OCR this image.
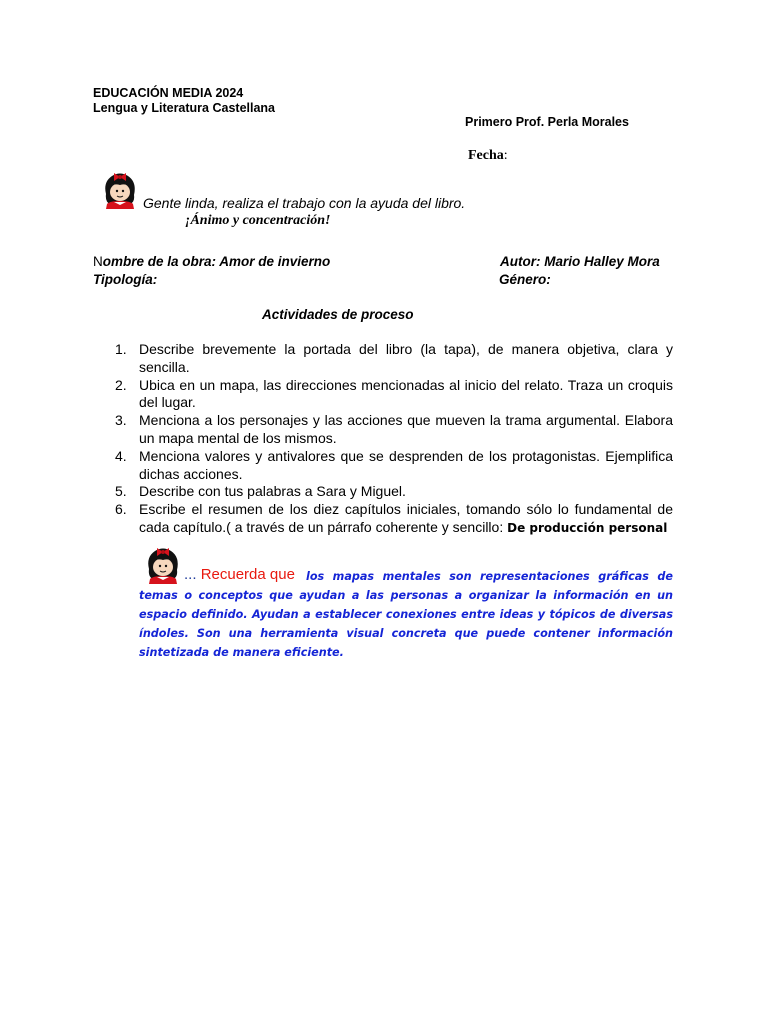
EDUCACIÓN MEDIA 2024
Lengua y Literatura Castellana
Primero Prof. Perla Morales
Fecha:
Gente linda, realiza el trabajo con la ayuda del libro.
¡Ánimo y concentración!
Nombre de la obra: Amor de invierno	Autor: Mario Halley Mora
Tipología:	Género:
Actividades de proceso
1. Describe brevemente la portada del libro (la tapa), de manera objetiva, clara y sencilla.
2. Ubica en un mapa, las direcciones mencionadas al inicio del relato. Traza un croquis del lugar.
3. Menciona a los personajes y las acciones que mueven la trama argumental. Elabora un mapa mental de los mismos.
4. Menciona valores y antivalores que se desprenden de los protagonistas. Ejemplifica dichas acciones.
5. Describe con tus palabras a Sara y Miguel.
6. Escribe el resumen de los diez capítulos iniciales, tomando sólo lo fundamental de cada capítulo.( a través de un párrafo coherente y sencillo: De producción personal
... Recuerda que los mapas mentales son representaciones gráficas de temas o conceptos que ayudan a las personas a organizar la información en un espacio definido. Ayudan a establecer conexiones entre ideas y tópicos de diversas índoles. Son una herramienta visual concreta que puede contener información sintetizada de manera eficiente.
